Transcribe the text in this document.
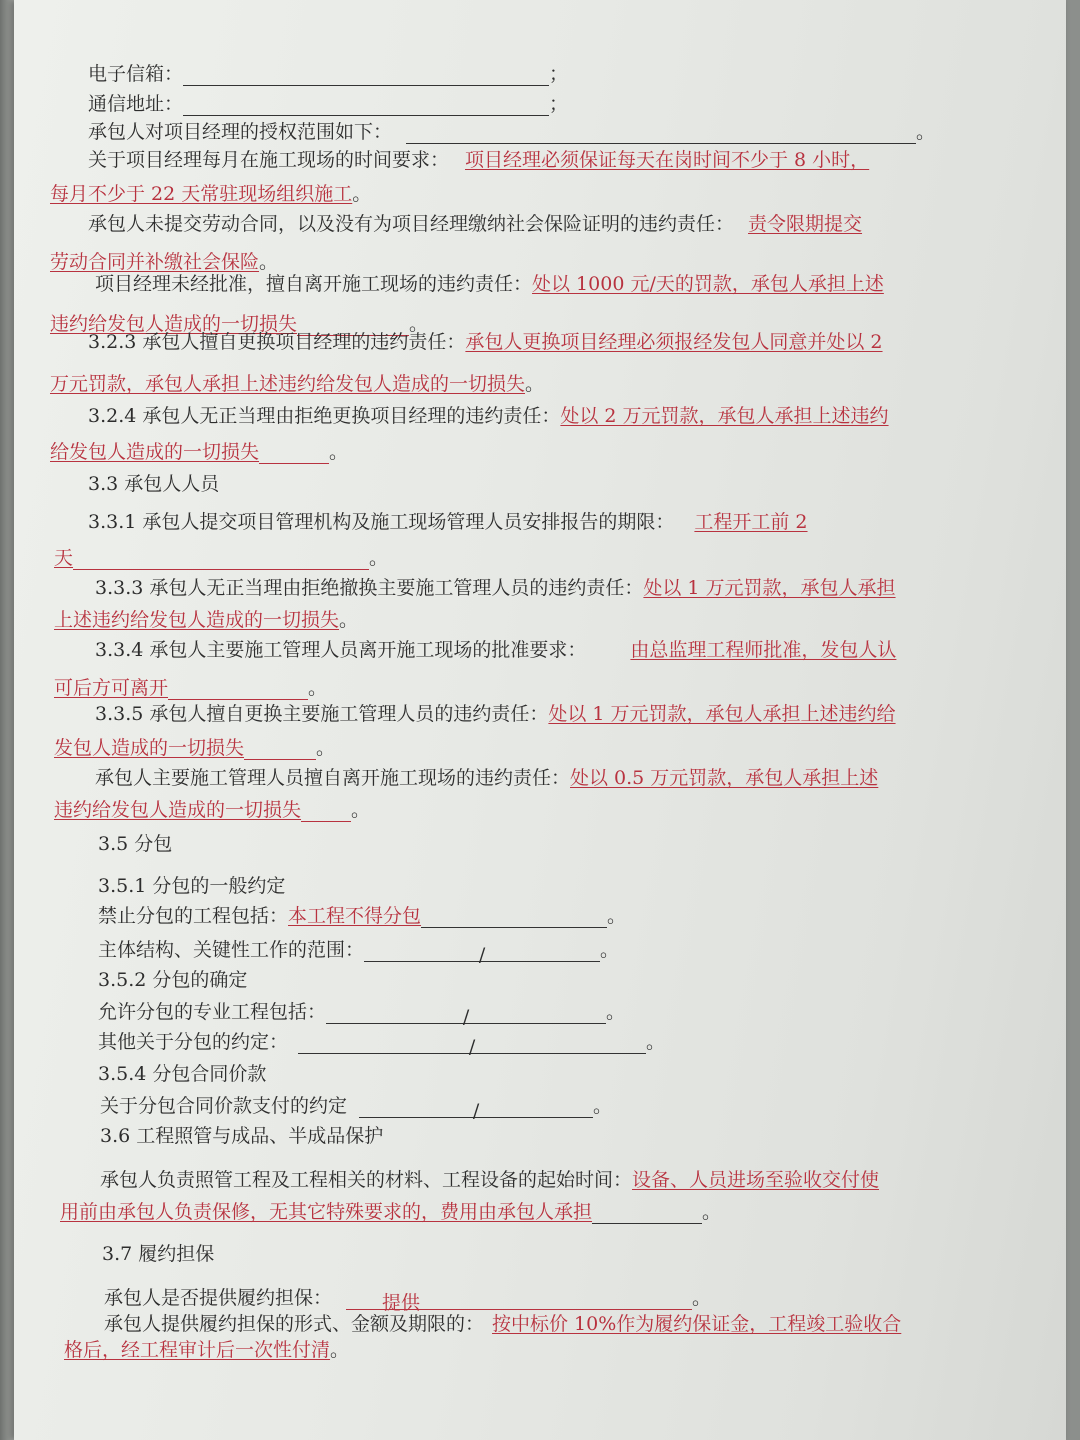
电子信箱：	；
通信地址：	；
承包人对项目经理的授权范围如下：	。
关于项目经理每月在施工现场的时间要求： 项目经理必须保证每天在岗时间不少于 8 小时，
每月不少于 22 天常驻现场组织施工。
承包人未提交劳动合同，以及没有为项目经理缴纳社会保险证明的违约责任： 责令限期提交
劳动合同并补缴社会保险。
项目经理未经批准，擅自离开施工现场的违约责任：处以 1000 元/天的罚款，承包人承担上述
违约给发包人造成的一切损失	。
3.2.3 承包人擅自更换项目经理的违约责任：承包人更换项目经理必须报经发包人同意并处以 2
万元罚款，承包人承担上述违约给发包人造成的一切损失。
3.2.4 承包人无正当理由拒绝更换项目经理的违约责任：处以 2 万元罚款，承包人承担上述违约
给发包人造成的一切损失	。
3.3 承包人人员
3.3.1 承包人提交项目管理机构及施工现场管理人员安排报告的期限： 工程开工前 2
天	。
3.3.3 承包人无正当理由拒绝撤换主要施工管理人员的违约责任：处以 1 万元罚款，承包人承担
上述违约给发包人造成的一切损失。
3.3.4 承包人主要施工管理人员离开施工现场的批准要求： 由总监理工程师批准，发包人认
可后方可离开	。
3.3.5 承包人擅自更换主要施工管理人员的违约责任：处以 1 万元罚款，承包人承担上述违约给
发包人造成的一切损失	。
承包人主要施工管理人员擅自离开施工现场的违约责任：处以 0.5 万元罚款，承包人承担上述
违约给发包人造成的一切损失	。
3.5 分包
3.5.1 分包的一般约定
禁止分包的工程包括：本工程不得分包	。
主体结构、关键性工作的范围：	/	。
3.5.2 分包的确定
允许分包的专业工程包括：	/	。
其他关于分包的约定：	/	。
3.5.4 分包合同价款
关于分包合同价款支付的约定	/	。
3.6 工程照管与成品、半成品保护
承包人负责照管工程及工程相关的材料、工程设备的起始时间：设备、人员进场至验收交付使
用前由承包人负责保修，无其它特殊要求的，费用由承包人承担	。
3.7 履约担保
承包人是否提供履约担保：	提供	。
承包人提供履约担保的形式、金额及期限的： 按中标价 10%作为履约保证金，工程竣工验收合
格后，经工程审计后一次性付清。
